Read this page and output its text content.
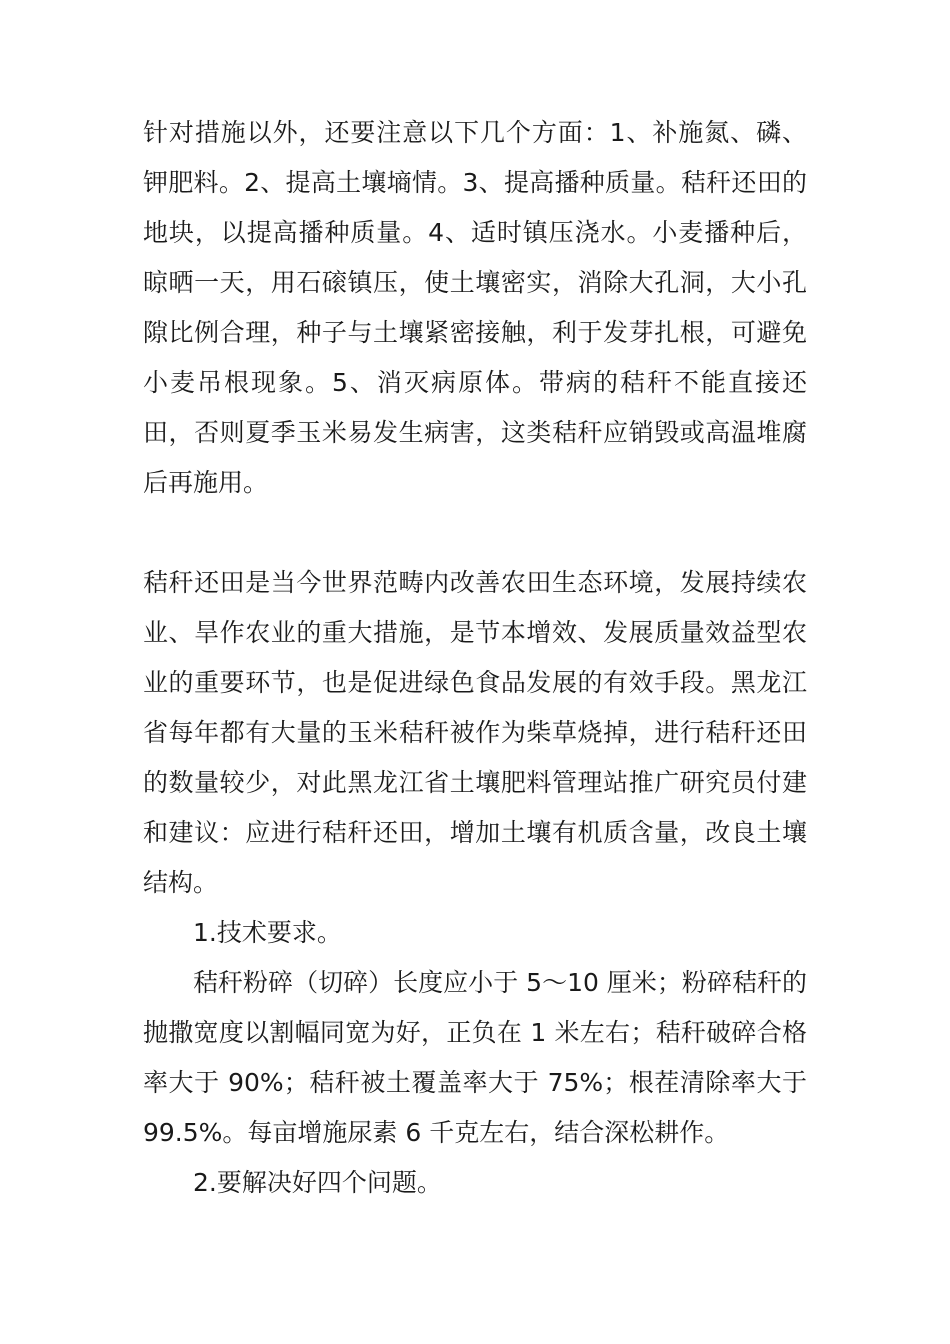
针对措施以外，还要注意以下几个方面：1、补施氮、磷、钾肥料。2、提高土壤墒情。3、提高播种质量。秸秆还田的地块，以提高播种质量。4、适时镇压浇水。小麦播种后，晾晒一天，用石磙镇压，使土壤密实，消除大孔洞，大小孔隙比例合理，种子与土壤紧密接触，利于发芽扎根，可避免小麦吊根现象。5、消灭病原体。带病的秸秆不能直接还田，否则夏季玉米易发生病害，这类秸秆应销毁或高温堆腐后再施用。

秸秆还田是当今世界范畴内改善农田生态环境，发展持续农业、旱作农业的重大措施，是节本增效、发展质量效益型农业的重要环节，也是促进绿色食品发展的有效手段。黑龙江省每年都有大量的玉米秸秆被作为柴草烧掉，进行秸秆还田的数量较少，对此黑龙江省土壤肥料管理站推广研究员付建和建议：应进行秸秆还田，增加土壤有机质含量，改良土壤结构。

1.技术要求。

秸秆粉碎（切碎）长度应小于 5～10 厘米；粉碎秸秆的抛撒宽度以割幅同宽为好，正负在 1 米左右；秸秆破碎合格率大于 90%；秸秆被土覆盖率大于 75%；根茬清除率大于 99.5%。每亩增施尿素 6 千克左右，结合深松耕作。

2.要解决好四个问题。
